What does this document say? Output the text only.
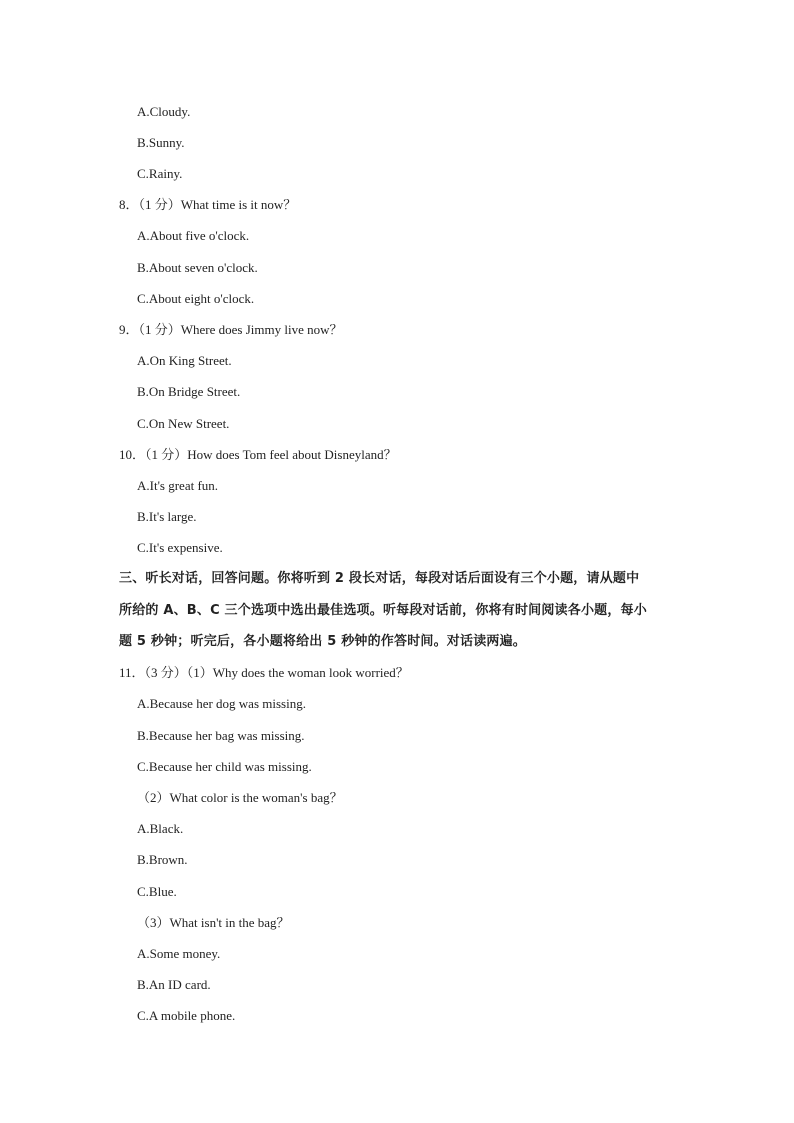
A.Cloudy.
B.Sunny.
C.Rainy.
8．（1 分）What time is it now？
A.About five o'clock.
B.About seven o'clock.
C.About eight o'clock.
9．（1 分）Where does Jimmy live now？
A.On King Street.
B.On Bridge Street.
C.On New Street.
10．（1 分）How does Tom feel about Disneyland？
A.It's great fun.
B.It's large.
C.It's expensive.
三、听长对话，回答问题。你将听到 2 段长对话，每段对话后面设有三个小题，请从题中
所给的 A、B、C 三个选项中选出最佳选项。听每段对话前，你将有时间阅读各小题，每小
题 5 秒钟；听完后，各小题将给出 5 秒钟的作答时间。对话读两遍。
11．（3 分）（1）Why does the woman look worried？
A.Because her dog was missing.
B.Because her bag was missing.
C.Because her child was missing.
（2）What color is the woman's bag？
A.Black.
B.Brown.
C.Blue.
（3）What isn't in the bag？
A.Some money.
B.An ID card.
C.A mobile phone.
